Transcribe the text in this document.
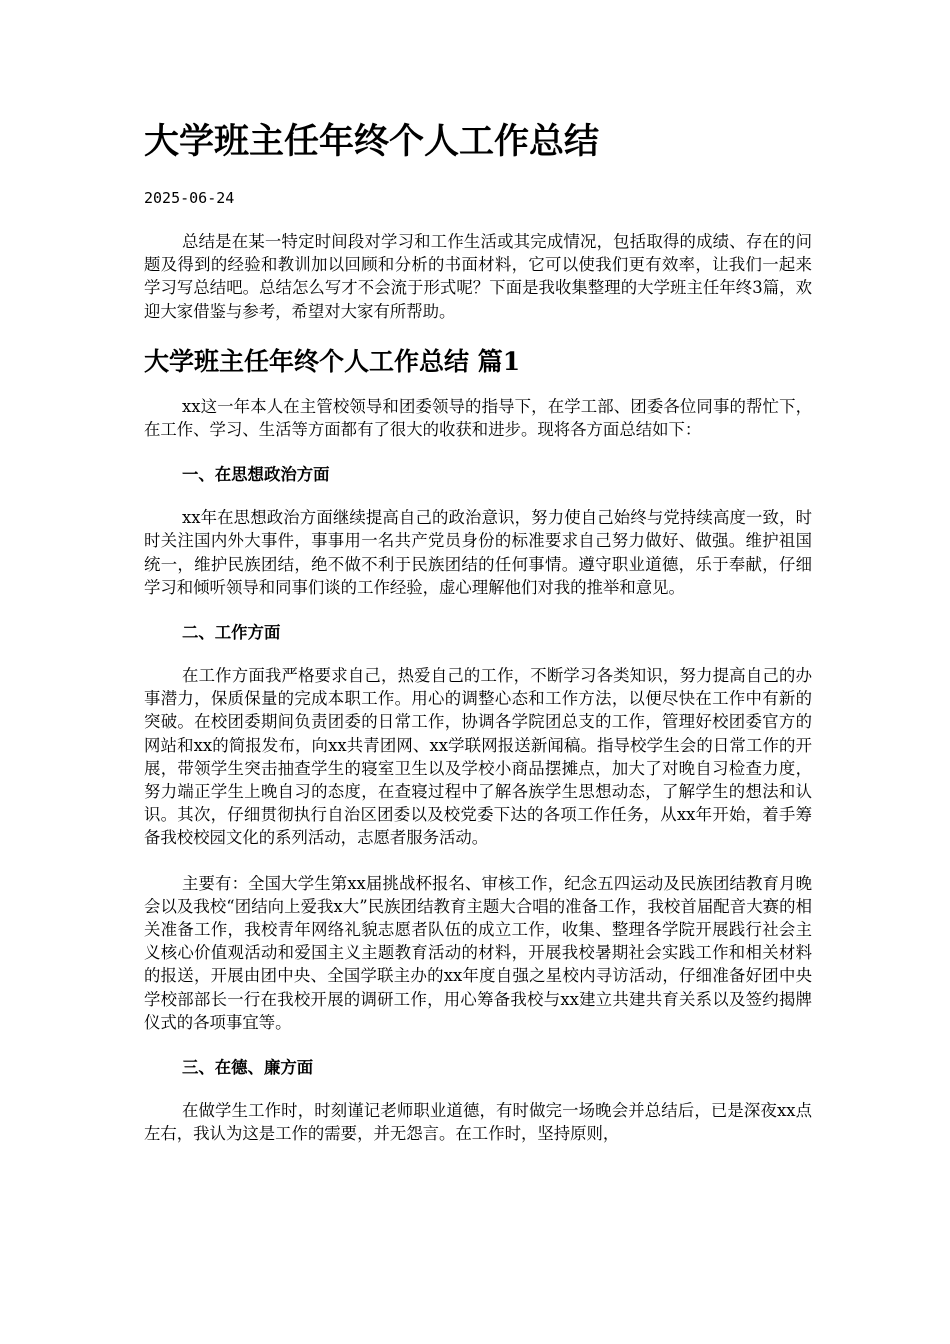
大学班主任年终个人工作总结
2025-06-24

总结是在某一特定时间段对学习和工作生活或其完成情况，包括取得的成绩、存在的问题及得到的经验和教训加以回顾和分析的书面材料，它可以使我们更有效率，让我们一起来学习写总结吧。总结怎么写才不会流于形式呢？下面是我收集整理的大学班主任年终3篇，欢迎大家借鉴与参考，希望对大家有所帮助。

大学班主任年终个人工作总结 篇1

xx这一年本人在主管校领导和团委领导的指导下，在学工部、团委各位同事的帮忙下，在工作、学习、生活等方面都有了很大的收获和进步。现将各方面总结如下：

一、在思想政治方面

xx年在思想政治方面继续提高自己的政治意识，努力使自己始终与党持续高度一致，时时关注国内外大事件，事事用一名共产党员身份的标准要求自己努力做好、做强。维护祖国统一，维护民族团结，绝不做不利于民族团结的任何事情。遵守职业道德，乐于奉献，仔细学习和倾听领导和同事们谈的工作经验，虚心理解他们对我的推举和意见。

二、工作方面

在工作方面我严格要求自己，热爱自己的工作，不断学习各类知识，努力提高自己的办事潜力，保质保量的完成本职工作。用心的调整心态和工作方法，以便尽快在工作中有新的突破。在校团委期间负责团委的日常工作，协调各学院团总支的工作，管理好校团委官方的网站和xx的简报发布，向xx共青团网、xx学联网报送新闻稿。指导校学生会的日常工作的开展，带领学生突击抽查学生的寝室卫生以及学校小商品摆摊点，加大了对晚自习检查力度，努力端正学生上晚自习的态度，在查寝过程中了解各族学生思想动态，了解学生的想法和认识。其次，仔细贯彻执行自治区团委以及校党委下达的各项工作任务，从xx年开始，着手筹备我校校园文化的系列活动，志愿者服务活动。

主要有：全国大学生第xx届挑战杯报名、审核工作，纪念五四运动及民族团结教育月晚会以及我校“团结向上爱我x大”民族团结教育主题大合唱的准备工作，我校首届配音大赛的相关准备工作，我校青年网络礼貌志愿者队伍的成立工作，收集、整理各学院开展践行社会主义核心价值观活动和爱国主义主题教育活动的材料，开展我校暑期社会实践工作和相关材料的报送，开展由团中央、全国学联主办的xx年度自强之星校内寻访活动，仔细准备好团中央学校部部长一行在我校开展的调研工作，用心筹备我校与xx建立共建共育关系以及签约揭牌仪式的各项事宜等。

三、在德、廉方面

在做学生工作时，时刻谨记老师职业道德，有时做完一场晚会并总结后，已是深夜xx点左右，我认为这是工作的需要，并无怨言。在工作时，坚持原则，
